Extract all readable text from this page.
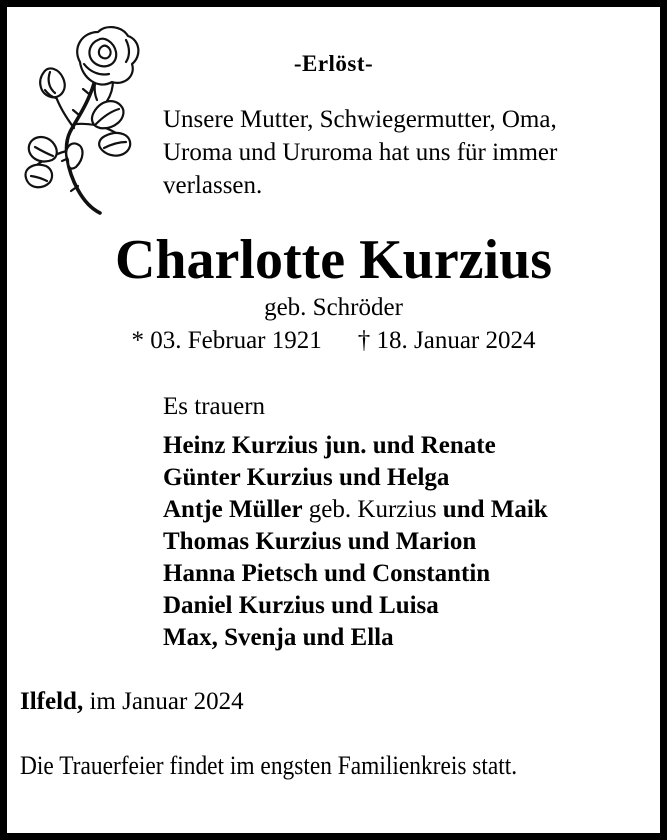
-Erlöst-
Unsere Mutter, Schwiegermutter, Oma,
Uroma und Ururoma hat uns für immer
verlassen.
Charlotte Kurzius
geb. Schröder
* 03. Februar 1921 † 18. Januar 2024
Es trauern
Heinz Kurzius jun. und Renate
Günter Kurzius und Helga
Antje Müller geb. Kurzius und Maik
Thomas Kurzius und Marion
Hanna Pietsch und Constantin
Daniel Kurzius und Luisa
Max, Svenja und Ella
Ilfeld, im Januar 2024
Die Trauerfeier findet im engsten Familienkreis statt.
